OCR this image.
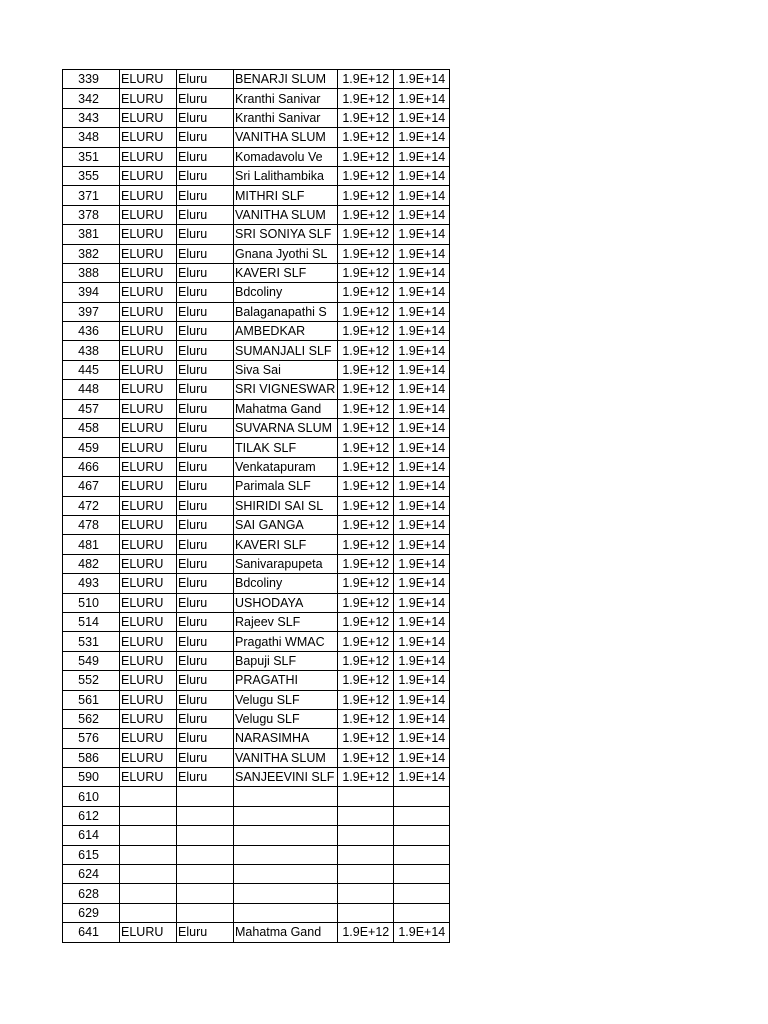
339	ELURU	Eluru	BENARJI SLUM	1.9E+12	1.9E+14
342	ELURU	Eluru	Kranthi Sanivar	1.9E+12	1.9E+14
343	ELURU	Eluru	Kranthi Sanivar	1.9E+12	1.9E+14
348	ELURU	Eluru	VANITHA SLUM	1.9E+12	1.9E+14
351	ELURU	Eluru	Komadavolu Ve	1.9E+12	1.9E+14
355	ELURU	Eluru	Sri Lalithambika	1.9E+12	1.9E+14
371	ELURU	Eluru	MITHRI SLF	1.9E+12	1.9E+14
378	ELURU	Eluru	VANITHA SLUM	1.9E+12	1.9E+14
381	ELURU	Eluru	SRI SONIYA SLF	1.9E+12	1.9E+14
382	ELURU	Eluru	Gnana Jyothi SL	1.9E+12	1.9E+14
388	ELURU	Eluru	KAVERI SLF	1.9E+12	1.9E+14
394	ELURU	Eluru	Bdcoliny	1.9E+12	1.9E+14
397	ELURU	Eluru	Balaganapathi S	1.9E+12	1.9E+14
436	ELURU	Eluru	AMBEDKAR	1.9E+12	1.9E+14
438	ELURU	Eluru	SUMANJALI SLF	1.9E+12	1.9E+14
445	ELURU	Eluru	Siva Sai	1.9E+12	1.9E+14
448	ELURU	Eluru	SRI VIGNESWAR	1.9E+12	1.9E+14
457	ELURU	Eluru	Mahatma Gand	1.9E+12	1.9E+14
458	ELURU	Eluru	SUVARNA SLUM	1.9E+12	1.9E+14
459	ELURU	Eluru	TILAK SLF	1.9E+12	1.9E+14
466	ELURU	Eluru	Venkatapuram	1.9E+12	1.9E+14
467	ELURU	Eluru	Parimala SLF	1.9E+12	1.9E+14
472	ELURU	Eluru	SHIRIDI SAI SL	1.9E+12	1.9E+14
478	ELURU	Eluru	SAI GANGA	1.9E+12	1.9E+14
481	ELURU	Eluru	KAVERI SLF	1.9E+12	1.9E+14
482	ELURU	Eluru	Sanivarapupeta	1.9E+12	1.9E+14
493	ELURU	Eluru	Bdcoliny	1.9E+12	1.9E+14
510	ELURU	Eluru	USHODAYA	1.9E+12	1.9E+14
514	ELURU	Eluru	Rajeev SLF	1.9E+12	1.9E+14
531	ELURU	Eluru	Pragathi WMAC	1.9E+12	1.9E+14
549	ELURU	Eluru	Bapuji SLF	1.9E+12	1.9E+14
552	ELURU	Eluru	PRAGATHI	1.9E+12	1.9E+14
561	ELURU	Eluru	Velugu SLF	1.9E+12	1.9E+14
562	ELURU	Eluru	Velugu SLF	1.9E+12	1.9E+14
576	ELURU	Eluru	NARASIMHA	1.9E+12	1.9E+14
586	ELURU	Eluru	VANITHA SLUM	1.9E+12	1.9E+14
590	ELURU	Eluru	SANJEEVINI SLF	1.9E+12	1.9E+14
610					
612					
614					
615					
624					
628					
629					
641	ELURU	Eluru	Mahatma Gand	1.9E+12	1.9E+14
